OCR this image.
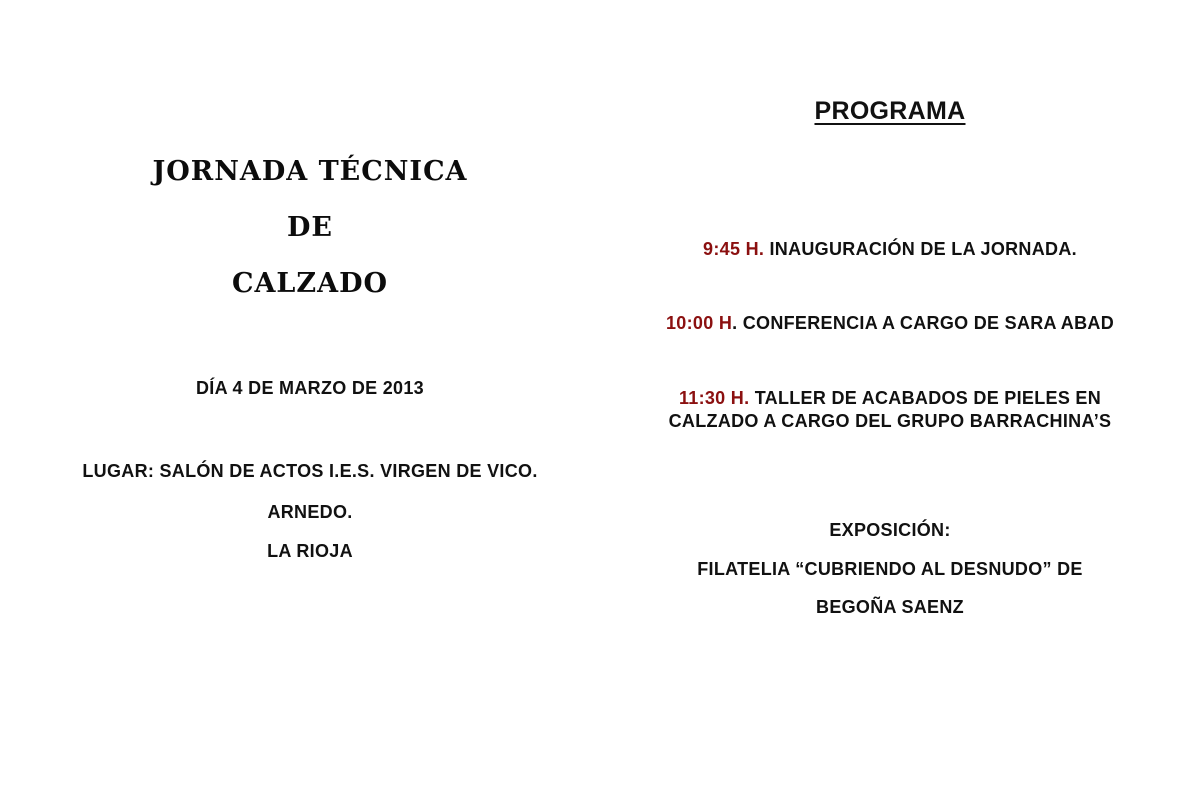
JORNADA TÉCNICA
DE
CALZADO
DÍA 4 DE MARZO DE 2013
LUGAR: SALÓN DE ACTOS I.E.S. VIRGEN DE VICO.
ARNEDO.
LA RIOJA
PROGRAMA
9:45 H. INAUGURACIÓN DE LA JORNADA.
10:00 H. CONFERENCIA A CARGO DE SARA ABAD
11:30 H. TALLER DE ACABADOS DE PIELES EN
CALZADO A CARGO DEL GRUPO BARRACHINA’S
EXPOSICIÓN:
FILATELIA “CUBRIENDO AL DESNUDO” DE
BEGOÑA SAENZ
